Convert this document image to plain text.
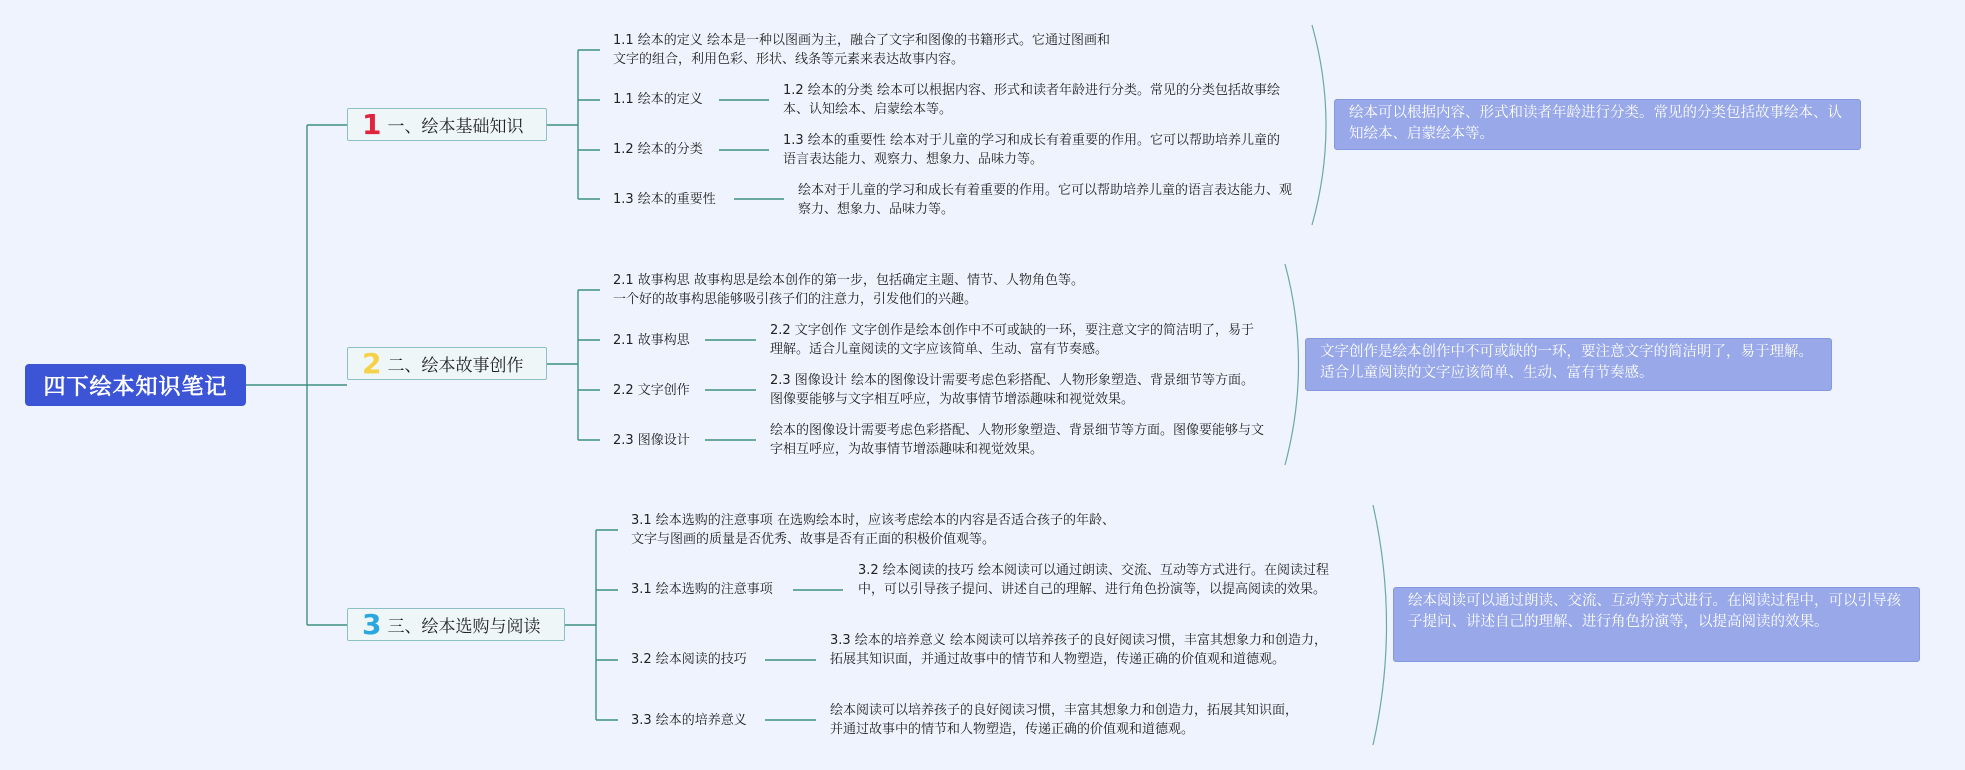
四下绘本知识笔记
1 一、绘本基础知识
1.1 绘本的定义 绘本是一种以图画为主，融合了文字和图像的书籍形式。它通过图画和文字的组合，利用色彩、形状、线条等元素来表达故事内容。
1.1 绘本的定义
1.2 绘本的分类 绘本可以根据内容、形式和读者年龄进行分类。常见的分类包括故事绘本、认知绘本、启蒙绘本等。
1.2 绘本的分类
1.3 绘本的重要性 绘本对于儿童的学习和成长有着重要的作用。它可以帮助培养儿童的语言表达能力、观察力、想象力、品味力等。
1.3 绘本的重要性
绘本对于儿童的学习和成长有着重要的作用。它可以帮助培养儿童的语言表达能力、观察力、想象力、品味力等。
绘本可以根据内容、形式和读者年龄进行分类。常见的分类包括故事绘本、认知绘本、启蒙绘本等。
2 二、绘本故事创作
2.1 故事构思 故事构思是绘本创作的第一步，包括确定主题、情节、人物角色等。一个好的故事构思能够吸引孩子们的注意力，引发他们的兴趣。
2.1 故事构思
2.2 文字创作 文字创作是绘本创作中不可或缺的一环，要注意文字的简洁明了，易于理解。适合儿童阅读的文字应该简单、生动、富有节奏感。
2.2 文字创作
2.3 图像设计 绘本的图像设计需要考虑色彩搭配、人物形象塑造、背景细节等方面。图像要能够与文字相互呼应，为故事情节增添趣味和视觉效果。
2.3 图像设计
绘本的图像设计需要考虑色彩搭配、人物形象塑造、背景细节等方面。图像要能够与文字相互呼应，为故事情节增添趣味和视觉效果。
文字创作是绘本创作中不可或缺的一环，要注意文字的简洁明了，易于理解。适合儿童阅读的文字应该简单、生动、富有节奏感。
3 三、绘本选购与阅读
3.1 绘本选购的注意事项 在选购绘本时，应该考虑绘本的内容是否适合孩子的年龄、文字与图画的质量是否优秀、故事是否有正面的积极价值观等。
3.1 绘本选购的注意事项
3.2 绘本阅读的技巧 绘本阅读可以通过朗读、交流、互动等方式进行。在阅读过程中，可以引导孩子提问、讲述自己的理解、进行角色扮演等，以提高阅读的效果。
3.2 绘本阅读的技巧
3.3 绘本的培养意义 绘本阅读可以培养孩子的良好阅读习惯，丰富其想象力和创造力，拓展其知识面，并通过故事中的情节和人物塑造，传递正确的价值观和道德观。
3.3 绘本的培养意义
绘本阅读可以培养孩子的良好阅读习惯，丰富其想象力和创造力，拓展其知识面，并通过故事中的情节和人物塑造，传递正确的价值观和道德观。
绘本阅读可以通过朗读、交流、互动等方式进行。在阅读过程中，可以引导孩子提问、讲述自己的理解、进行角色扮演等，以提高阅读的效果。
